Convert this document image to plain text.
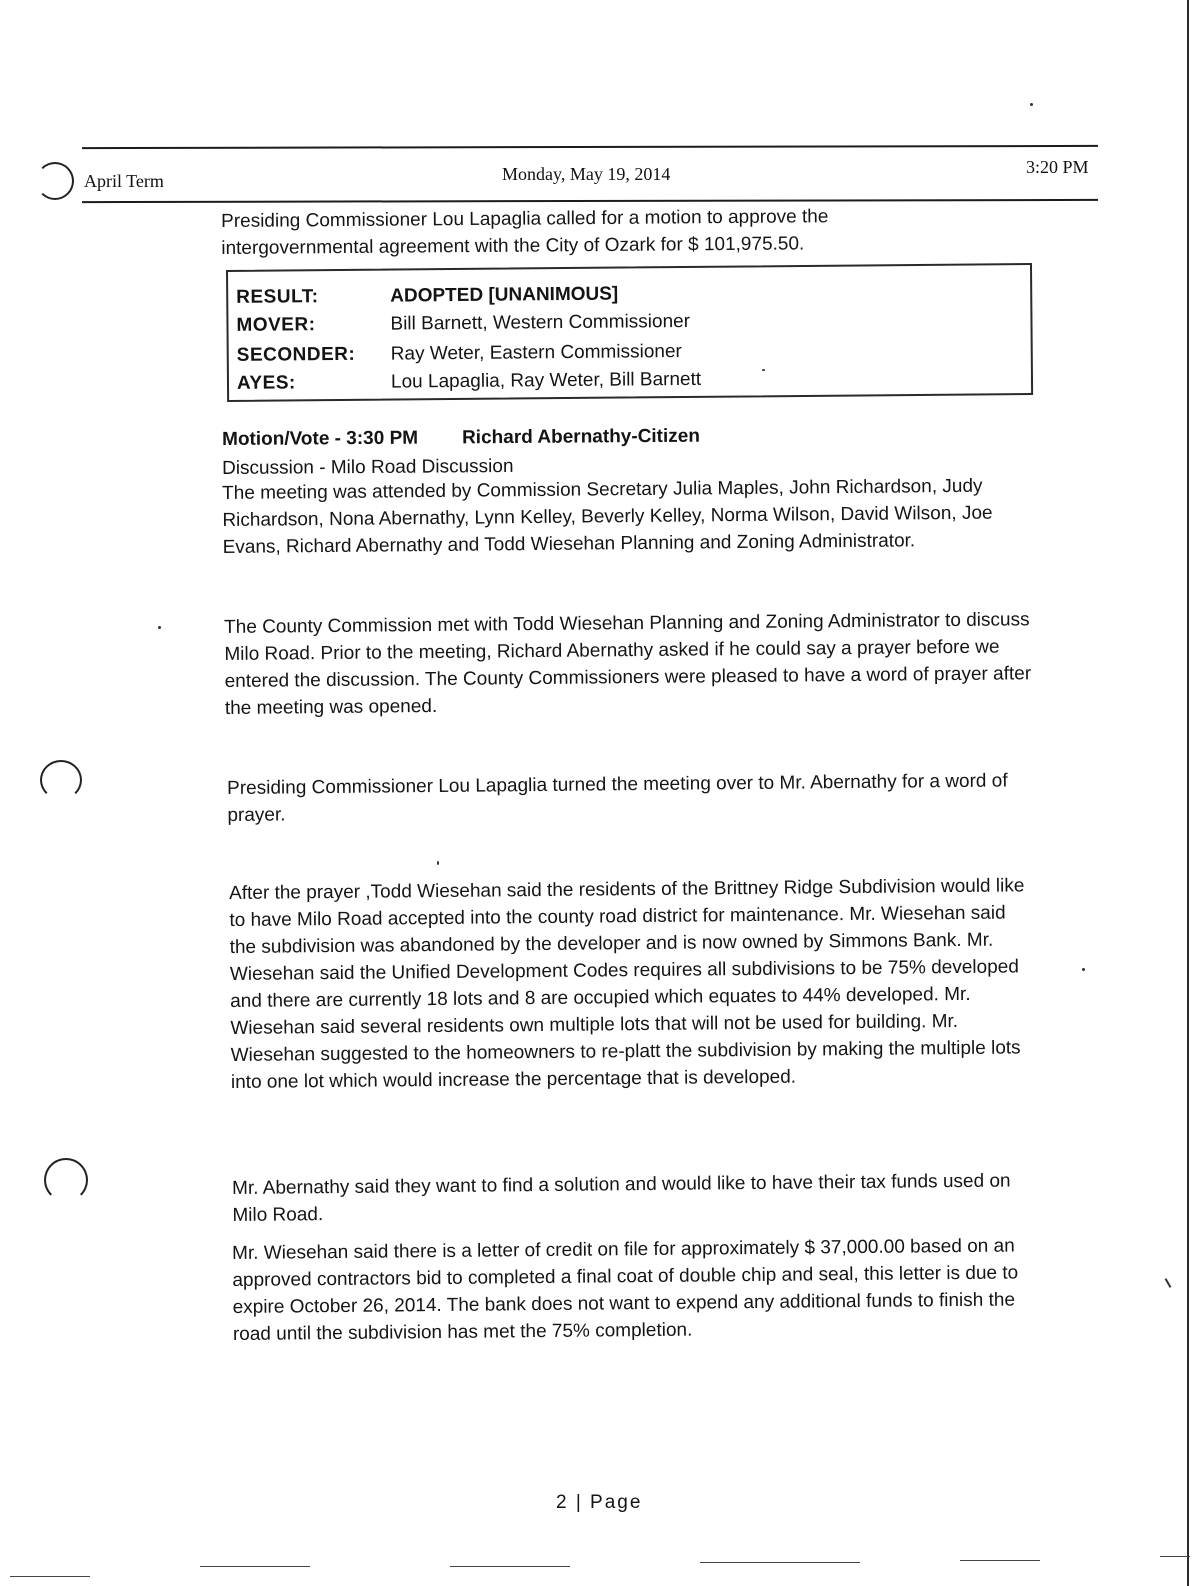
April Term	Monday, May 19, 2014	3:20 PM

Presiding Commissioner Lou Lapaglia called for a motion to approve the intergovernmental agreement with the City of Ozark for $ 101,975.50.

RESULT:	ADOPTED [UNANIMOUS]
MOVER:	Bill Barnett, Western Commissioner
SECONDER: Ray Weter, Eastern Commissioner
AYES:	Lou Lapaglia, Ray Weter, Bill Barnett
Motion/Vote - 3:30 PM Richard Abernathy-Citizen
Discussion - Milo Road Discussion

The meeting was attended by Commission Secretary Julia Maples, John Richardson, Judy Richardson, Nona Abernathy, Lynn Kelley, Beverly Kelley, Norma Wilson, David Wilson, Joe Evans, Richard Abernathy and Todd Wiesehan Planning and Zoning Administrator.

The County Commission met with Todd Wiesehan Planning and Zoning Administrator to discuss Milo Road. Prior to the meeting, Richard Abernathy asked if he could say a prayer before we entered the discussion. The County Commissioners were pleased to have a word of prayer after the meeting was opened.

Presiding Commissioner Lou Lapaglia turned the meeting over to Mr. Abernathy for a word of prayer.

After the prayer ,Todd Wiesehan said the residents of the Brittney Ridge Subdivision would like to have Milo Road accepted into the county road district for maintenance. Mr. Wiesehan said the subdivision was abandoned by the developer and is now owned by Simmons Bank. Mr. Wiesehan said the Unified Development Codes requires all subdivisions to be 75% developed and there are currently 18 lots and 8 are occupied which equates to 44% developed. Mr. Wiesehan said several residents own multiple lots that will not be used for building. Mr. Wiesehan suggested to the homeowners to re-platt the subdivision by making the multiple lots into one lot which would increase the percentage that is developed.

Mr. Abernathy said they want to find a solution and would like to have their tax funds used on Milo Road.

Mr. Wiesehan said there is a letter of credit on file for approximately $ 37,000.00 based on an approved contractors bid to completed a final coat of double chip and seal, this letter is due to expire October 26, 2014. The bank does not want to expend any additional funds to finish the road until the subdivision has met the 75% completion.

2 | Page
